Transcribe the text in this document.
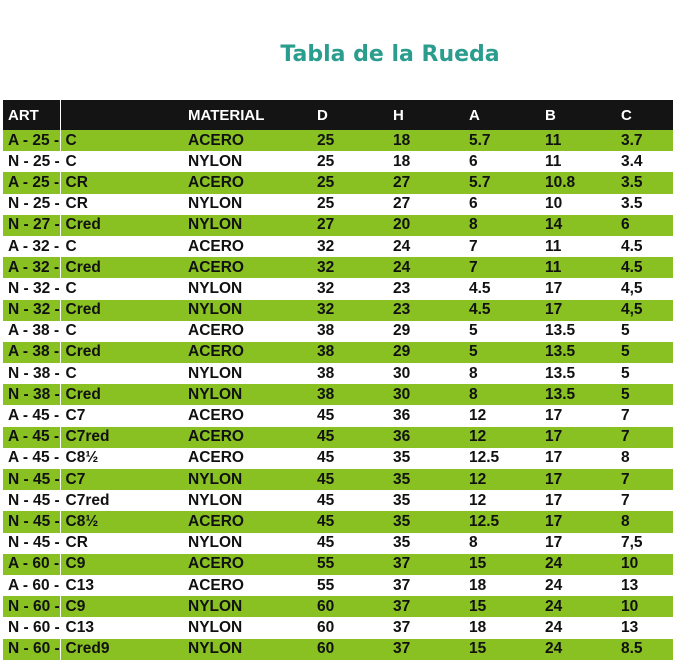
Tabla de la Rueda
ART		MATERIAL	D	H	A	B	C
A - 25 -	C	ACERO	25	18	5.7	11	3.7
N - 25 -	C	NYLON	25	18	6	11	3.4
A - 25 -	CR	ACERO	25	27	5.7	10.8	3.5
N - 25 -	CR	NYLON	25	27	6	10	3.5
N - 27 -	Cred	NYLON	27	20	8	14	6
A - 32 -	C	ACERO	32	24	7	11	4.5
A - 32 -	Cred	ACERO	32	24	7	11	4.5
N - 32 -	C	NYLON	32	23	4.5	17	4,5
N - 32 -	Cred	NYLON	32	23	4.5	17	4,5
A - 38 -	C	ACERO	38	29	5	13.5	5
A - 38 -	Cred	ACERO	38	29	5	13.5	5
N - 38 -	C	NYLON	38	30	8	13.5	5
N - 38 -	Cred	NYLON	38	30	8	13.5	5
A - 45 -	C7	ACERO	45	36	12	17	7
A - 45 -	C7red	ACERO	45	36	12	17	7
A - 45 -	C8½	ACERO	45	35	12.5	17	8
N - 45 -	C7	NYLON	45	35	12	17	7
N - 45 -	C7red	NYLON	45	35	12	17	7
N - 45 -	C8½	ACERO	45	35	12.5	17	8
N - 45 -	CR	NYLON	45	35	8	17	7,5
A - 60 -	C9	ACERO	55	37	15	24	10
A - 60 -	C13	ACERO	55	37	18	24	13
N - 60 -	C9	NYLON	60	37	15	24	10
N - 60 -	C13	NYLON	60	37	18	24	13
N - 60 -	Cred9	NYLON	60	37	15	24	8.5
